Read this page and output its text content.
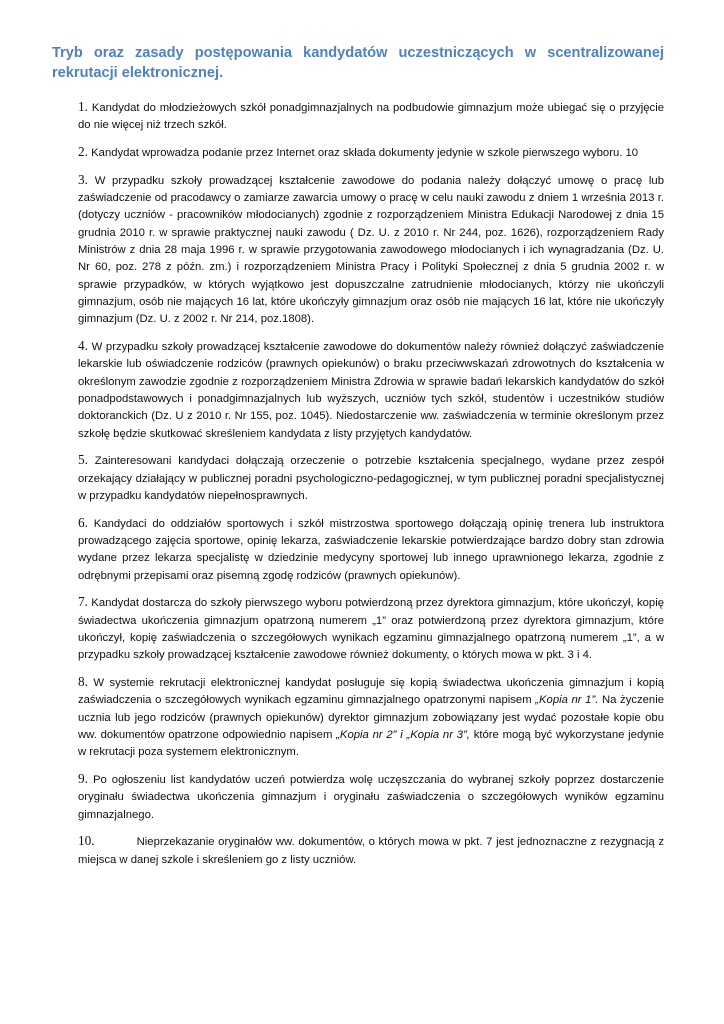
Tryb oraz zasady postępowania kandydatów uczestniczących w scentralizowanej rekrutacji elektronicznej.

1. Kandydat do młodzieżowych szkół ponadgimnazjalnych na podbudowie gimnazjum może ubiegać się o przyjęcie do nie więcej niż trzech szkół.

2. Kandydat wprowadza podanie przez Internet oraz składa dokumenty jedynie w szkole pierwszego wyboru. 10

3. W przypadku szkoły prowadzącej kształcenie zawodowe do podania należy dołączyć umowę o pracę lub zaświadczenie od pracodawcy o zamiarze zawarcia umowy o pracę w celu nauki zawodu z dniem 1 września 2013 r. (dotyczy uczniów - pracowników młodocianych) zgodnie z rozporządzeniem Ministra Edukacji Narodowej z dnia 15 grudnia 2010 r. w sprawie praktycznej nauki zawodu ( Dz. U. z 2010 r. Nr 244, poz. 1626), rozporządzeniem Rady Ministrów z dnia 28 maja 1996 r. w sprawie przygotowania zawodowego młodocianych i ich wynagradzania (Dz. U. Nr 60, poz. 278 z późn. zm.) i rozporządzeniem Ministra Pracy i Polityki Społecznej z dnia 5 grudnia 2002 r. w sprawie przypadków, w których wyjątkowo jest dopuszczalne zatrudnienie młodocianych, którzy nie ukończyli gimnazjum, osób nie mających 16 lat, które ukończyły gimnazjum oraz osób nie mających 16 lat, które nie ukończyły gimnazjum (Dz. U. z 2002 r. Nr 214, poz.1808).

4. W przypadku szkoły prowadzącej kształcenie zawodowe do dokumentów należy również dołączyć zaświadczenie lekarskie lub oświadczenie rodziców (prawnych opiekunów) o braku przeciwwskazań zdrowotnych do kształcenia w określonym zawodzie zgodnie z rozporządzeniem Ministra Zdrowia w sprawie badań lekarskich kandydatów do szkół ponadpodstawowych i ponadgimnazjalnych lub wyższych, uczniów tych szkół, studentów i uczestników studiów doktoranckich (Dz. U z 2010 r. Nr 155, poz. 1045). Niedostarczenie ww. zaświadczenia w terminie określonym przez szkołę będzie skutkować skreśleniem kandydata z listy przyjętych kandydatów.

5. Zainteresowani kandydaci dołączają orzeczenie o potrzebie kształcenia specjalnego, wydane przez zespół orzekający działający w publicznej poradni psychologiczno-pedagogicznej, w tym publicznej poradni specjalistycznej w przypadku kandydatów niepełnosprawnych.

6. Kandydaci do oddziałów sportowych i szkół mistrzostwa sportowego dołączają opinię trenera lub instruktora prowadzącego zajęcia sportowe, opinię lekarza, zaświadczenie lekarskie potwierdzające bardzo dobry stan zdrowia wydane przez lekarza specjalistę w dziedzinie medycyny sportowej lub innego uprawnionego lekarza, zgodnie z odrębnymi przepisami oraz pisemną zgodę rodziców (prawnych opiekunów).

7. Kandydat dostarcza do szkoły pierwszego wyboru potwierdzoną przez dyrektora gimnazjum, które ukończył, kopię świadectwa ukończenia gimnazjum opatrzoną numerem „1” oraz potwierdzoną przez dyrektora gimnazjum, które ukończył, kopię zaświadczenia o szczegółowych wynikach egzaminu gimnazjalnego opatrzoną numerem „1”, a w przypadku szkoły prowadzącej kształcenie zawodowe również dokumenty, o których mowa w pkt. 3 i 4.

8. W systemie rekrutacji elektronicznej kandydat posługuje się kopią świadectwa ukończenia gimnazjum i kopią zaświadczenia o szczegółowych wynikach egzaminu gimnazjalnego opatrzonymi napisem „Kopia nr 1”. Na życzenie ucznia lub jego rodziców (prawnych opiekunów) dyrektor gimnazjum zobowiązany jest wydać pozostałe kopie obu ww. dokumentów opatrzone odpowiednio napisem „Kopia nr 2” i „Kopia nr 3”, które mogą być wykorzystane jedynie w rekrutacji poza systemem elektronicznym.

9. Po ogłoszeniu list kandydatów uczeń potwierdza wolę uczęszczania do wybranej szkoły poprzez dostarczenie oryginału świadectwa ukończenia gimnazjum i oryginału zaświadczenia o szczegółowych wyników egzaminu gimnazjalnego.

10.	Nieprzekazanie oryginałów ww. dokumentów, o których mowa w pkt. 7 jest jednoznaczne z rezygnacją z miejsca w danej szkole i skreśleniem go z listy uczniów.
